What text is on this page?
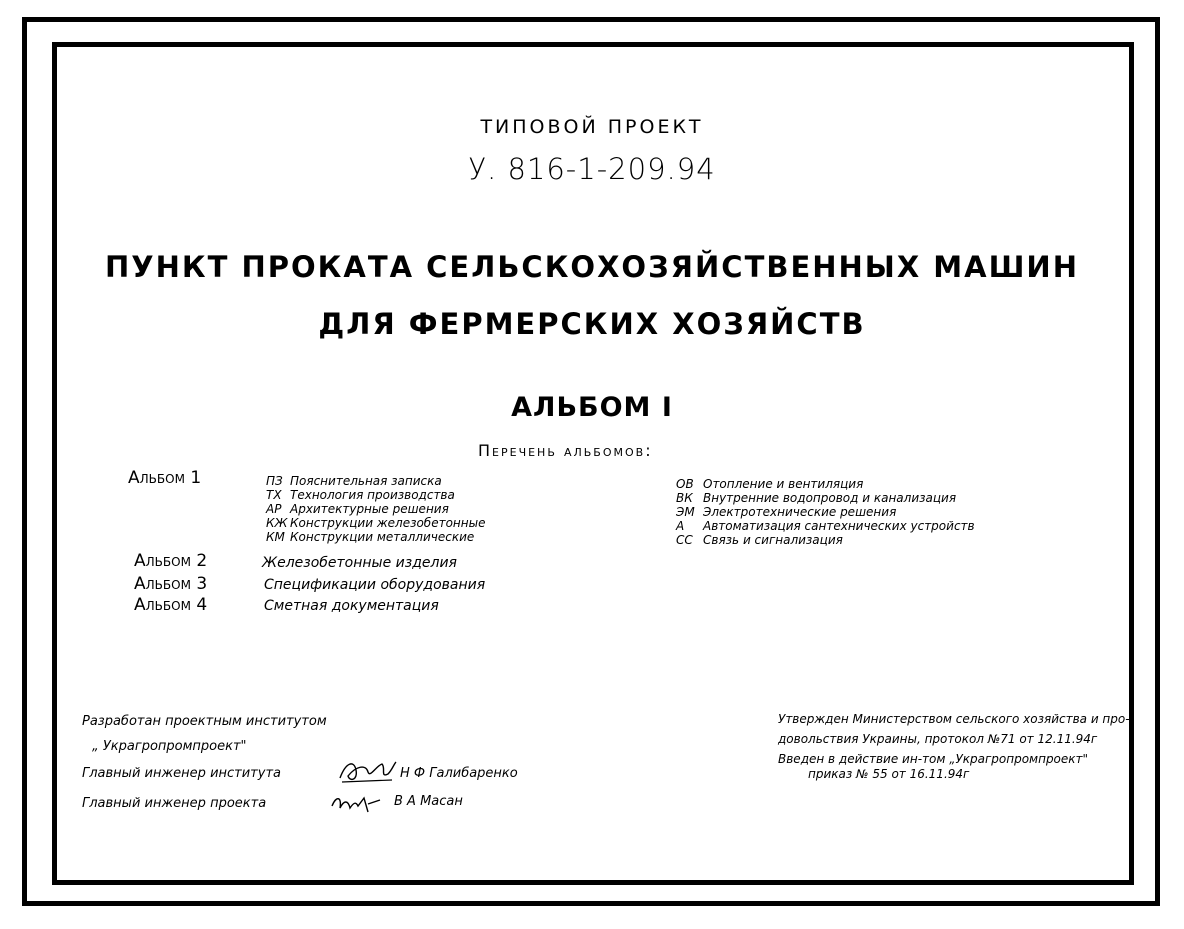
ТИПОВОЙ ПРОЕКТ
У. 816-1-209.94
ПУНКТ ПРОКАТА СЕЛЬСКОХОЗЯЙСТВЕННЫХ МАШИН
ДЛЯ ФЕРМЕРСКИХ ХОЗЯЙСТВ
АЛЬБОМ I
Перечень альбомов:
Альбом 1
Альбом 2
Альбом 3
Альбом 4
ПЗ Пояснительная записка
ТХ Технология производства
АР Архитектурные решения
КЖ Конструкции железобетонные
КМ Конструкции металлические
ОВ Отопление и вентиляция
ВК Внутренние водопровод и канализация
ЭМ Электротехнические решения
А Автоматизация сантехнических устройств
СС Связь и сигнализация
Железобетонные изделия
Спецификации оборудования
Сметная документация
Разработан проектным институтом
„ Украгропромпроект"
Главный инженер института	Н Ф Галибаренко
Главный инженер проекта	В А Масан
Утвержден Министерством сельского хозяйства и про-
довольствия Украины, протокол №71 от 12.11.94г
Введен в действие ин-том „Украгропромпроект"
приказ № 55 от 16.11.94г
